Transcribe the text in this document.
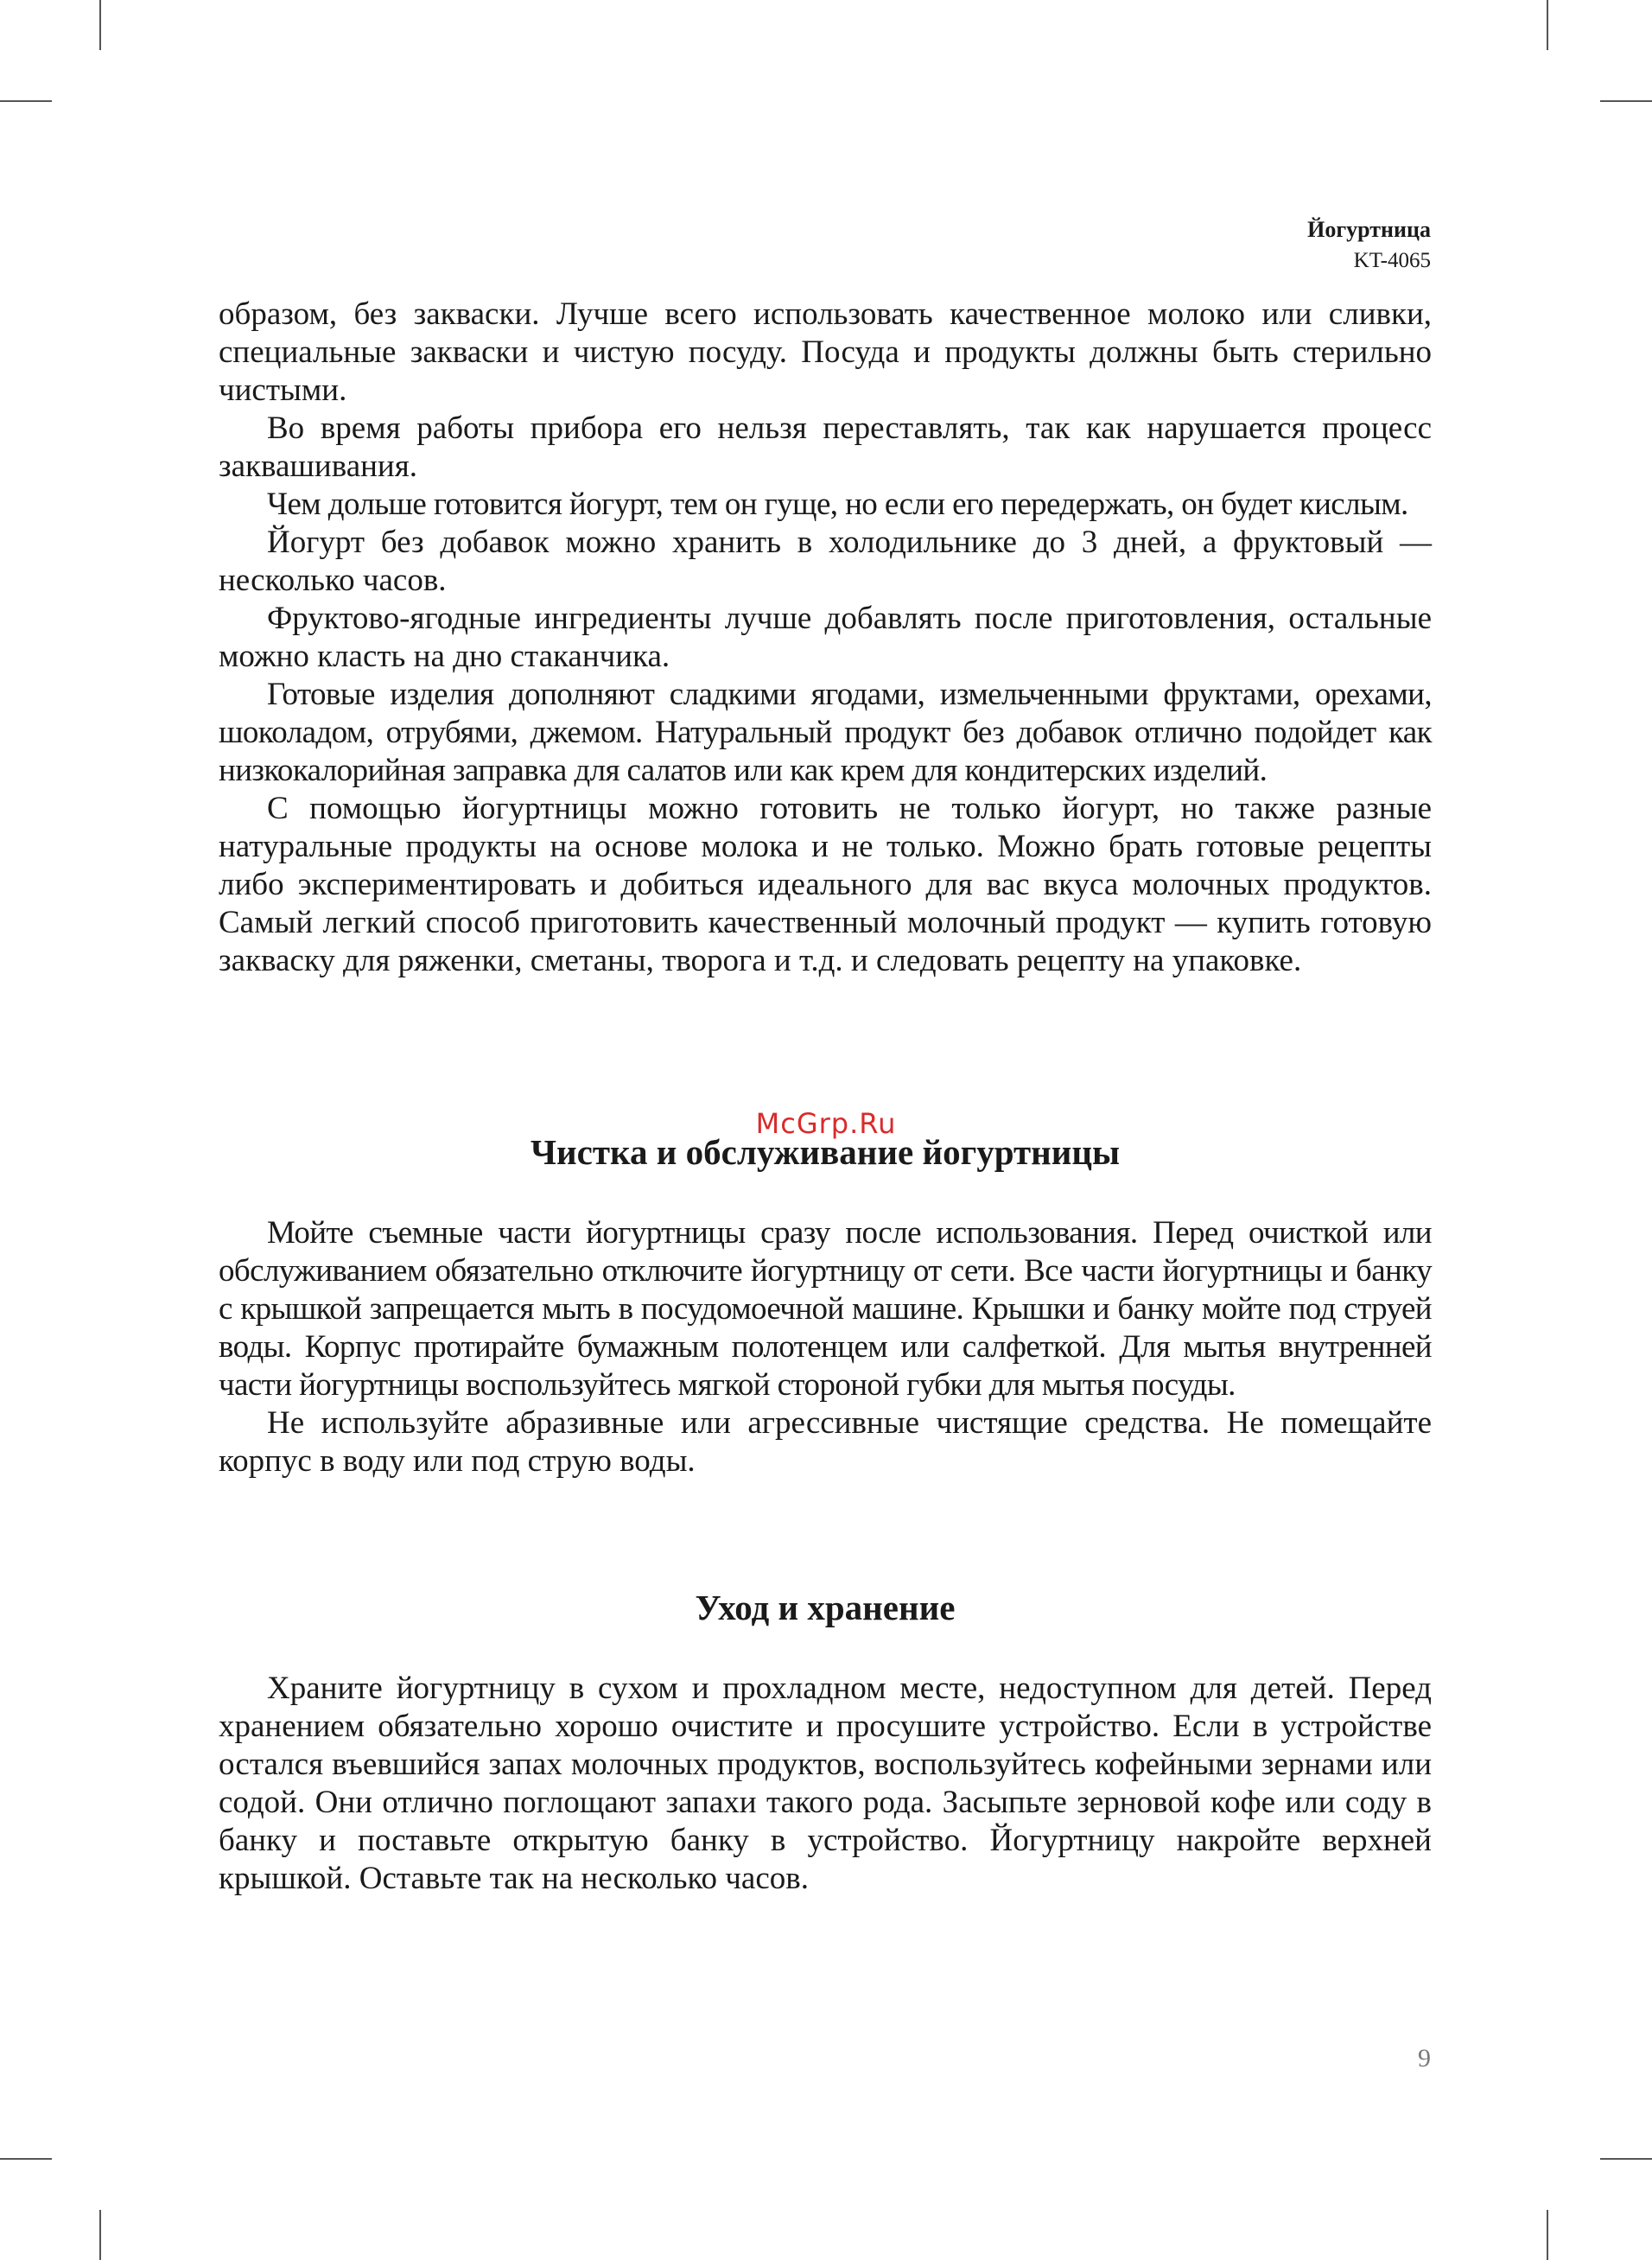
Йогуртница
KT-4065

образом, без закваски. Лучше всего использовать качественное молоко или сливки, специальные закваски и чистую посуду. Посуда и продукты должны быть стерильно чистыми.

Во время работы прибора его нельзя переставлять, так как нарушается процесс заквашивания.

Чем дольше готовится йогурт, тем он гуще, но если его передержать, он будет кислым.

Йогурт без добавок можно хранить в холодильнике до 3 дней, а фруктовый — несколько часов.

Фруктово-ягодные ингредиенты лучше добавлять после приготовления, остальные можно класть на дно стаканчика.

Готовые изделия дополняют сладкими ягодами, измельченными фруктами, орехами, шоколадом, отрубями, джемом. Натуральный продукт без добавок отлично подойдет как низкокалорийная заправка для салатов или как крем для кондитерских изделий.

С помощью йогуртницы можно готовить не только йогурт, но также разные натуральные продукты на основе молока и не только. Можно брать готовые рецепты либо экспериментировать и добиться идеального для вас вкуса молочных продуктов. Самый легкий способ приготовить качественный молочный продукт — купить готовую закваску для ряженки, сметаны, творога и т.д. и следовать рецепту на упаковке.

McGrp.Ru
Чистка и обслуживание йогуртницы

Мойте съемные части йогуртницы сразу после использования. Перед очисткой или обслуживанием обязательно отключите йогуртницу от сети. Все части йогуртницы и банку с крышкой запрещается мыть в посудомоечной машине. Крышки и банку мойте под струей воды. Корпус протирайте бумажным полотенцем или салфеткой. Для мытья внутренней части йогуртницы воспользуйтесь мягкой стороной губки для мытья посуды.

Не используйте абразивные или агрессивные чистящие средства. Не помещайте корпус в воду или под струю воды.

Уход и хранение

Храните йогуртницу в сухом и прохладном месте, недоступном для детей. Перед хранением обязательно хорошо очистите и просушите устройство. Если в устройстве остался въевшийся запах молочных продуктов, воспользуйтесь кофейными зернами или содой. Они отлично поглощают запахи такого рода. Засыпьте зерновой кофе или соду в банку и поставьте открытую банку в устройство. Йогуртницу накройте верхней крышкой. Оставьте так на несколько часов.

9
